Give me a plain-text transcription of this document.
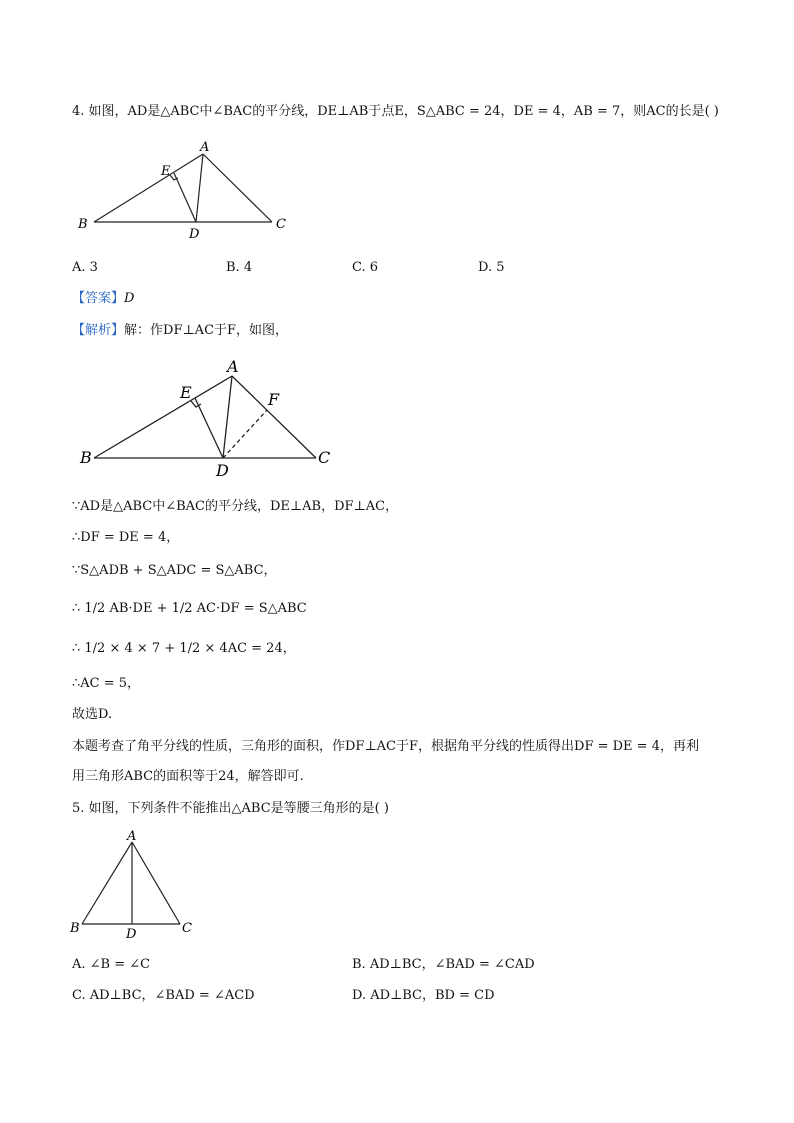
4. 如图，AD是△ABC中∠BAC的平分线，DE⊥AB于点E，S△ABC = 24，DE = 4，AB = 7，则AC的长是( )
A
E
B	C
D
A. 3	B. 4	C. 6	D. 5
【答案】D
【解析】解：作DF⊥AC于F，如图，
A
E	F
B	C
D
∵AD是△ABC中∠BAC的平分线，DE⊥AB，DF⊥AC，
∴DF = DE = 4，
∵S△ADB + S△ADC = S△ABC，
∴ 1/2 AB·DE + 1/2 AC·DF = S△ABC
∴ 1/2 × 4 × 7 + 1/2 × 4AC = 24，
∴AC = 5，
故选D.
本题考查了角平分线的性质，三角形的面积，作DF⊥AC于F，根据角平分线的性质得出DF = DE = 4，再利
用三角形ABC的面积等于24，解答即可.
5. 如图，下列条件不能推出△ABC是等腰三角形的是( )
A
B	C
D
A. ∠B = ∠C	B. AD⊥BC，∠BAD = ∠CAD
C. AD⊥BC，∠BAD = ∠ACD	D. AD⊥BC，BD = CD
